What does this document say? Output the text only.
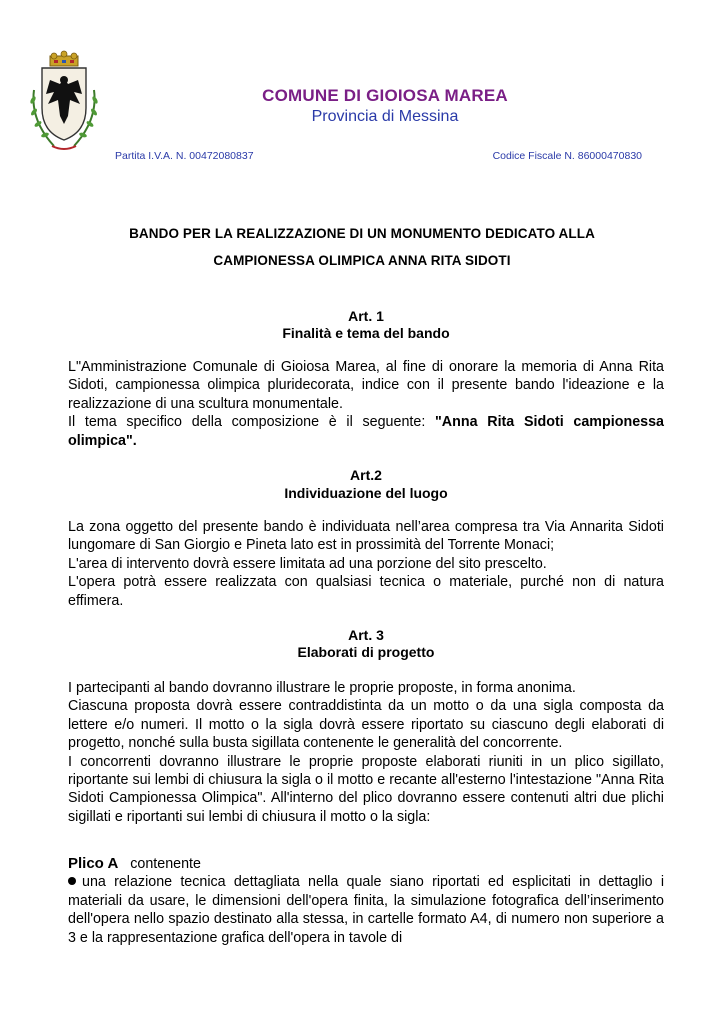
COMUNE DI GIOIOSA MAREA
Provincia di Messina
Partita I.V.A. N. 00472080837	Codice Fiscale N. 86000470830
BANDO PER LA REALIZZAZIONE DI UN MONUMENTO DEDICATO ALLA
CAMPIONESSA OLIMPICA ANNA RITA SIDOTI
Art. 1
Finalità e tema del bando

L"Amministrazione Comunale di Gioiosa Marea, al fine di onorare la memoria di Anna Rita Sidoti, campionessa olimpica pluridecorata, indice con il presente bando l'ideazione e la realizzazione di una scultura monumentale.

Il tema specifico della composizione è il seguente: "Anna Rita Sidoti campionessa olimpica".

Art.2
Individuazione del luogo

La zona oggetto del presente bando è individuata nell’area compresa tra Via Annarita Sidoti lungomare di San Giorgio e Pineta lato est in prossimità del Torrente Monaci;

L'area di intervento dovrà essere limitata ad una porzione del sito prescelto.

L'opera potrà essere realizzata con qualsiasi tecnica o materiale, purché non di natura effimera.

Art. 3
Elaborati di progetto

I partecipanti al bando dovranno illustrare le proprie proposte, in forma anonima.

Ciascuna proposta dovrà essere contraddistinta da un motto o da una sigla composta da lettere e/o numeri. Il motto o la sigla dovrà essere riportato su ciascuno degli elaborati di progetto, nonché sulla busta sigillata contenente le generalità del concorrente.

I concorrenti dovranno illustrare le proprie proposte elaborati riuniti in un plico sigillato, riportante sui lembi di chiusura la sigla o il motto e recante all'esterno l'intestazione "Anna Rita Sidoti Campionessa Olimpica". All'interno del plico dovranno essere contenuti altri due plichi sigillati e riportanti sui lembi di chiusura il motto o la sigla:

Plico A contenente

una relazione tecnica dettagliata nella quale siano riportati ed esplicitati in dettaglio i materiali da usare, le dimensioni dell'opera finita, la simulazione fotografica dell’inserimento dell'opera nello spazio destinato alla stessa, in cartelle formato A4, di numero non superiore a 3 e la rappresentazione grafica dell'opera in tavole di
